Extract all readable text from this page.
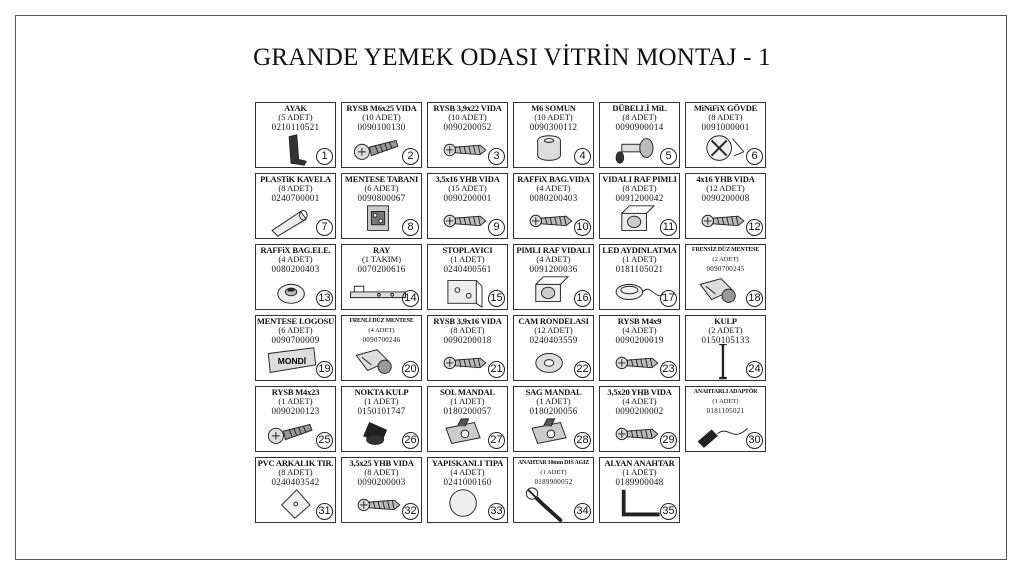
GRANDE YEMEK ODASI VİTRİN MONTAJ - 1
AYAK
(5 ADET)
0210110521
1
RYSB M6x25 VIDA
(10 ADET)
0090100130
2
RYSB 3,9x22 VIDA
(10 ADET)
0090200052
3
M6 SOMUN
(10 ADET)
0090300112
4
DÜBELLİ MiL
(8 ADET)
0090900014
5
MiNiFiX GÖVDE
(8 ADET)
0091000001
6
PLASTiK KAVELA
(8 ADET)
0240700001
7
MENTESE TABANI
(6 ADET)
0090800067
8
3,5x16 YHB VIDA
(15 ADET)
0090200001
9
RAFFiX BAG.VIDA
(4 ADET)
0080200403
10
VIDALI RAF PIMLI
(8 ADET)
0091200042
11
4x16 YHB VIDA
(12 ADET)
0090200008
12
RAFFiX BAG.ELE.
(4 ADET)
0080200403
13
RAY
(1 TAKIM)
0070200616
14
STOPLAYICI
(1 ADET)
0240400561
15
PIMLI RAF VIDALI
(4 ADET)
0091200036
16
LED AYDINLATMA
(1 ADET)
0181105021
17
FRENSİZ DÜZ MENTESE
(2 ADET)
0090700245
18
MENTESE LOGOSU
(6 ADET)
0090700009
MONDİ
19
FRENLİ DÜZ MENTESE
(4 ADET)
0090700246
20
RYSB 3,9x16 VIDA
(8 ADET)
0090200018
21
CAM RONDELASI
(12 ADET)
0240403559
22
RYSB M4x9
(4 ADET)
0090200019
23
KULP
(2 ADET)
0150105133
24
RYSB M4x23
(1 ADET)
0090200123
25
NOKTA KULP
(1 ADET)
0150101747
26
SOL MANDAL
(1 ADET)
0180200057
27
SAG MANDAL
(1 ADET)
0180200056
28
3,5x20 YHB VIDA
(4 ADET)
0090200002
29
ANAHTARLI ADAPTÖR
(1 ADET)
0181105021
30
PVC ARKALIK TIR.
(8 ADET)
0240403542
31
3,5x25 YHB VIDA
(8 ADET)
0090200003
32
YAPISKANLI TIPA
(4 ADET)
0241000160
33
ANAHTAR 10mm DIS AGIZ
(1 ADET)
0189900052
34
ALYAN ANAHTAR
(1 ADET)
0189900048
35
